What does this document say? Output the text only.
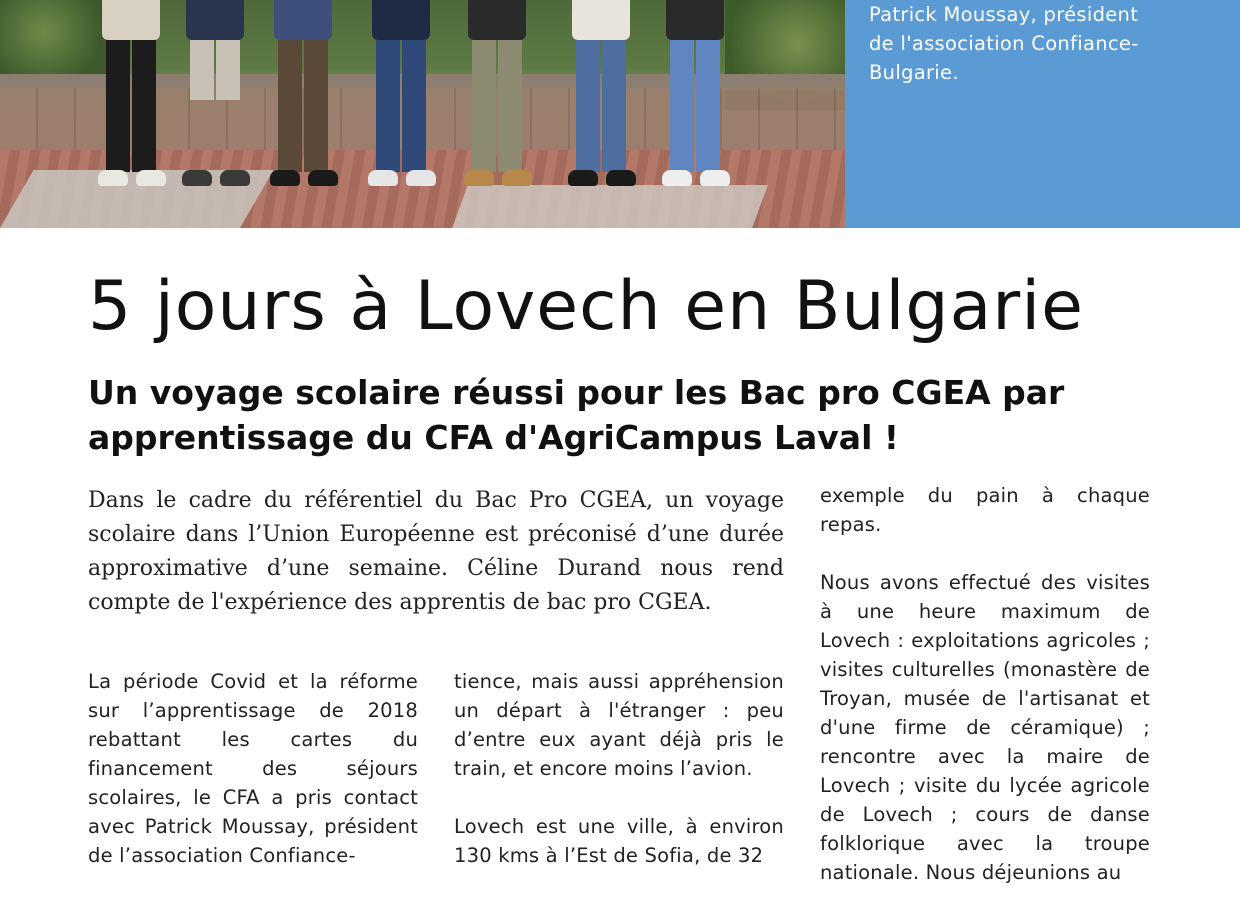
Patrick Moussay, président
de l'association Confiance-
Bulgarie.

5 jours à Lovech en Bulgarie
Un voyage scolaire réussi pour les Bac pro CGEA par apprentissage du CFA d'AgriCampus Laval !

Dans le cadre du référentiel du Bac Pro CGEA, un voyage scolaire dans l’Union Européenne est préconisé d’une durée approximative d’une semaine. Céline Durand nous rend compte de l'expérience des apprentis de bac pro CGEA.

La période Covid et la réforme sur l’apprentissage de 2018 rebattant les cartes du financement des séjours scolaires, le CFA a pris contact avec Patrick Moussay, président de l’association Confiance-

tience, mais aussi appréhension un départ à l'étranger : peu d’entre eux ayant déjà pris le train, et encore moins l’avion.

Lovech est une ville, à environ 130 kms à l’Est de Sofia, de 32

exemple du pain à chaque repas.

Nous avons effectué des visites à une heure maximum de Lovech : exploitations agricoles ; visites culturelles (monastère de Troyan, musée de l'artisanat et d'une firme de céramique) ; rencontre avec la maire de Lovech ; visite du lycée agricole de Lovech ; cours de danse folklorique avec la troupe nationale. Nous déjeunions au
